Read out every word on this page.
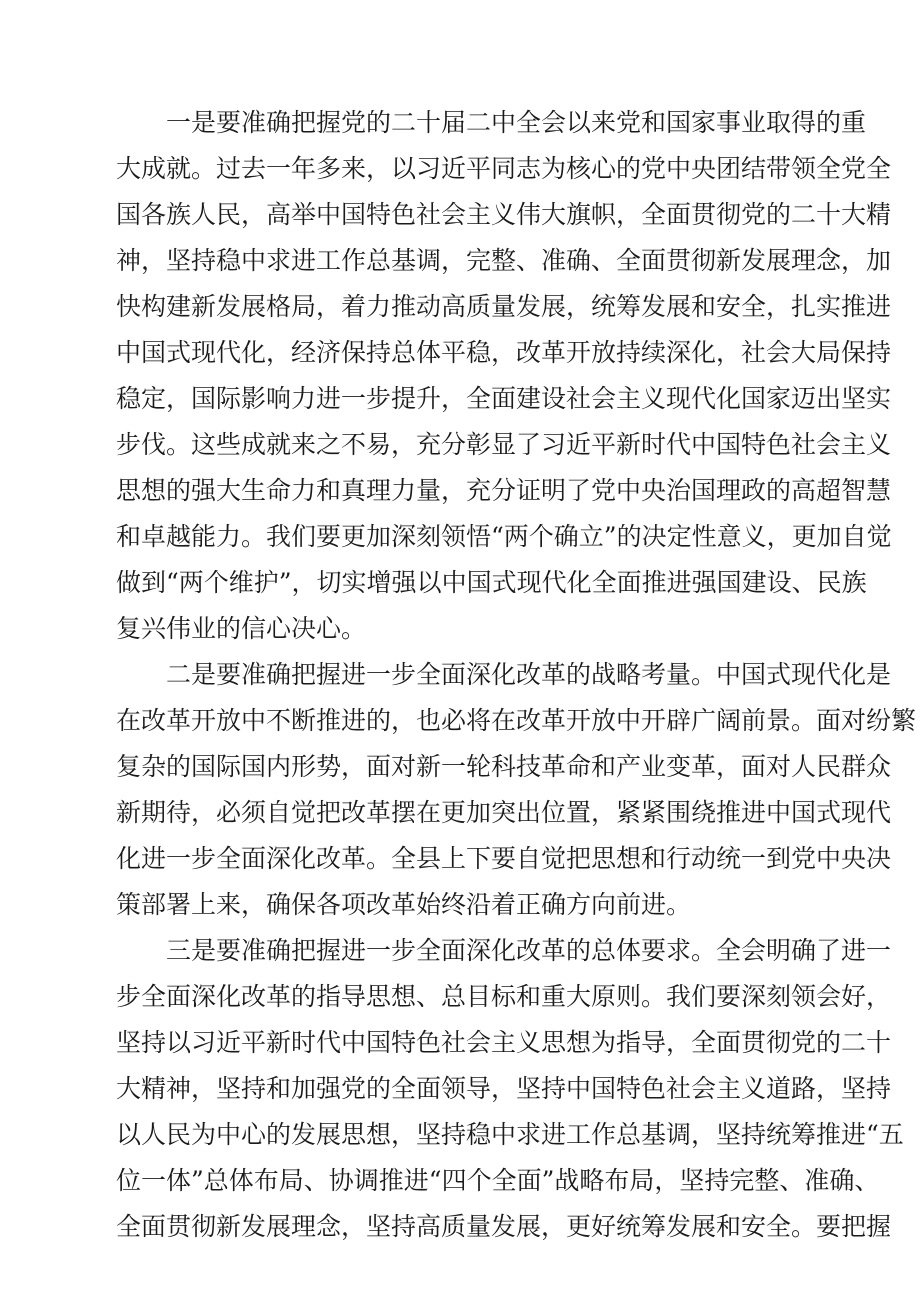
一是要准确把握党的二十届二中全会以来党和国家事业取得的重
大成就。过去一年多来，以习近平同志为核心的党中央团结带领全党全
国各族人民，高举中国特色社会主义伟大旗帜，全面贯彻党的二十大精
神，坚持稳中求进工作总基调，完整、准确、全面贯彻新发展理念，加
快构建新发展格局，着力推动高质量发展，统筹发展和安全，扎实推进
中国式现代化，经济保持总体平稳，改革开放持续深化，社会大局保持
稳定，国际影响力进一步提升，全面建设社会主义现代化国家迈出坚实
步伐。这些成就来之不易，充分彰显了习近平新时代中国特色社会主义
思想的强大生命力和真理力量，充分证明了党中央治国理政的高超智慧
和卓越能力。我们要更加深刻领悟“两个确立”的决定性意义，更加自觉
做到“两个维护”，切实增强以中国式现代化全面推进强国建设、民族
复兴伟业的信心决心。
二是要准确把握进一步全面深化改革的战略考量。中国式现代化是
在改革开放中不断推进的，也必将在改革开放中开辟广阔前景。面对纷繁
复杂的国际国内形势，面对新一轮科技革命和产业变革，面对人民群众
新期待，必须自觉把改革摆在更加突出位置，紧紧围绕推进中国式现代
化进一步全面深化改革。全县上下要自觉把思想和行动统一到党中央决
策部署上来，确保各项改革始终沿着正确方向前进。
三是要准确把握进一步全面深化改革的总体要求。全会明确了进一
步全面深化改革的指导思想、总目标和重大原则。我们要深刻领会好，
坚持以习近平新时代中国特色社会主义思想为指导，全面贯彻党的二十
大精神，坚持和加强党的全面领导，坚持中国特色社会主义道路，坚持
以人民为中心的发展思想，坚持稳中求进工作总基调，坚持统筹推进“五
位一体”总体布局、协调推进“四个全面”战略布局，坚持完整、准确、
全面贯彻新发展理念，坚持高质量发展，更好统筹发展和安全。要把握
